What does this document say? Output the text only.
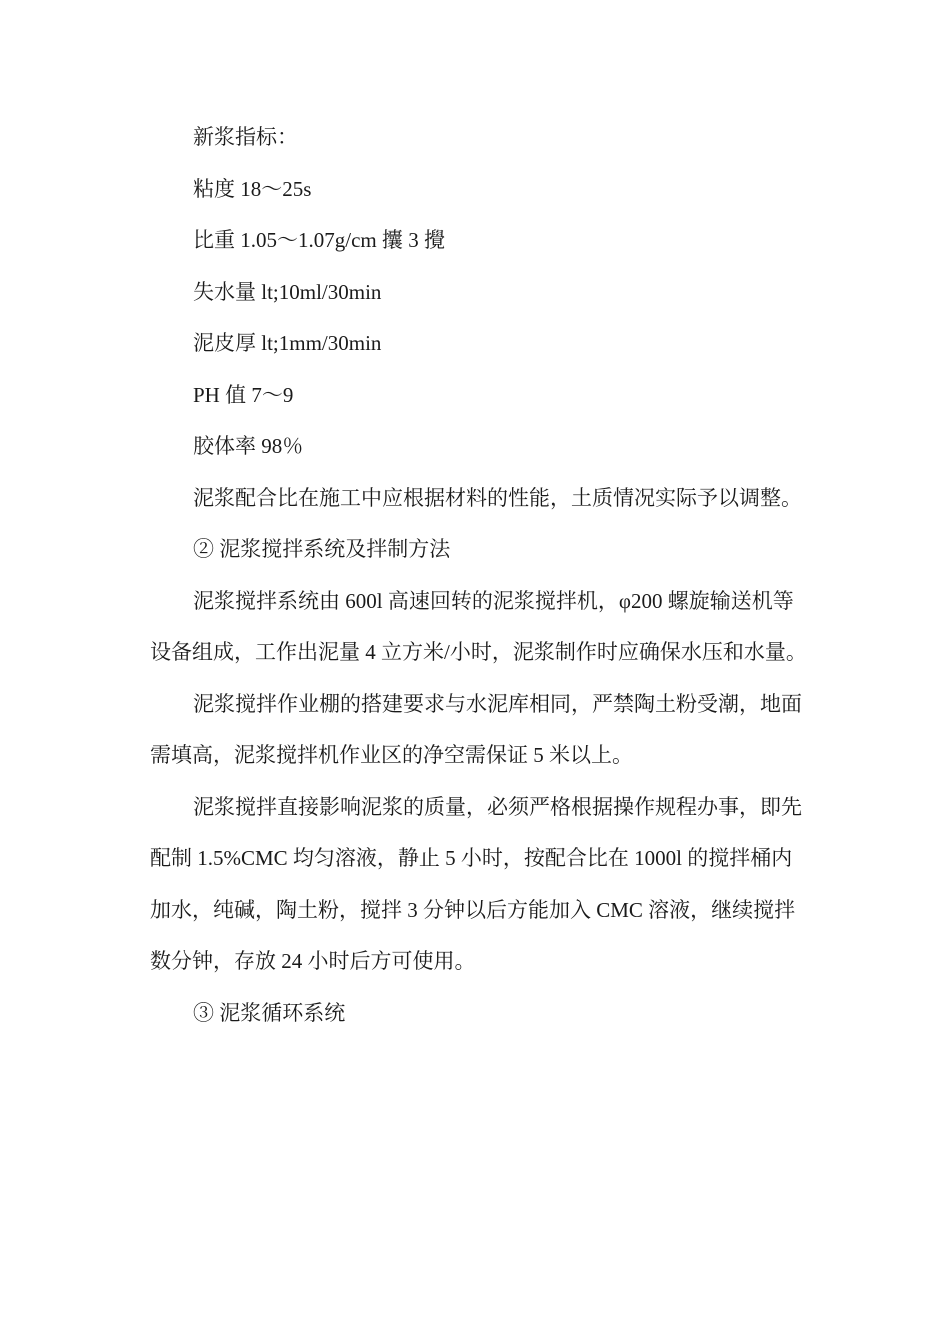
新浆指标：

粘度 18～25s

比重 1.05～1.07g/cm 攮 3 攪

失水量 lt;10ml/30min

泥皮厚 lt;1mm/30min

PH 值 7～9

胶体率 98％

泥浆配合比在施工中应根据材料的性能，土质情况实际予以调整。

② 泥浆搅拌系统及拌制方法

泥浆搅拌系统由 600l 高速回转的泥浆搅拌机，φ200 螺旋输送机等设备组成，工作出泥量 4 立方米/小时，泥浆制作时应确保水压和水量。

泥浆搅拌作业棚的搭建要求与水泥库相同，严禁陶土粉受潮，地面需填高，泥浆搅拌机作业区的净空需保证 5 米以上。

泥浆搅拌直接影响泥浆的质量，必须严格根据操作规程办事，即先配制 1.5%CMC 均匀溶液，静止 5 小时，按配合比在 1000l 的搅拌桶内加水，纯碱，陶土粉，搅拌 3 分钟以后方能加入 CMC 溶液，继续搅拌数分钟，存放 24 小时后方可使用。

③ 泥浆循环系统
